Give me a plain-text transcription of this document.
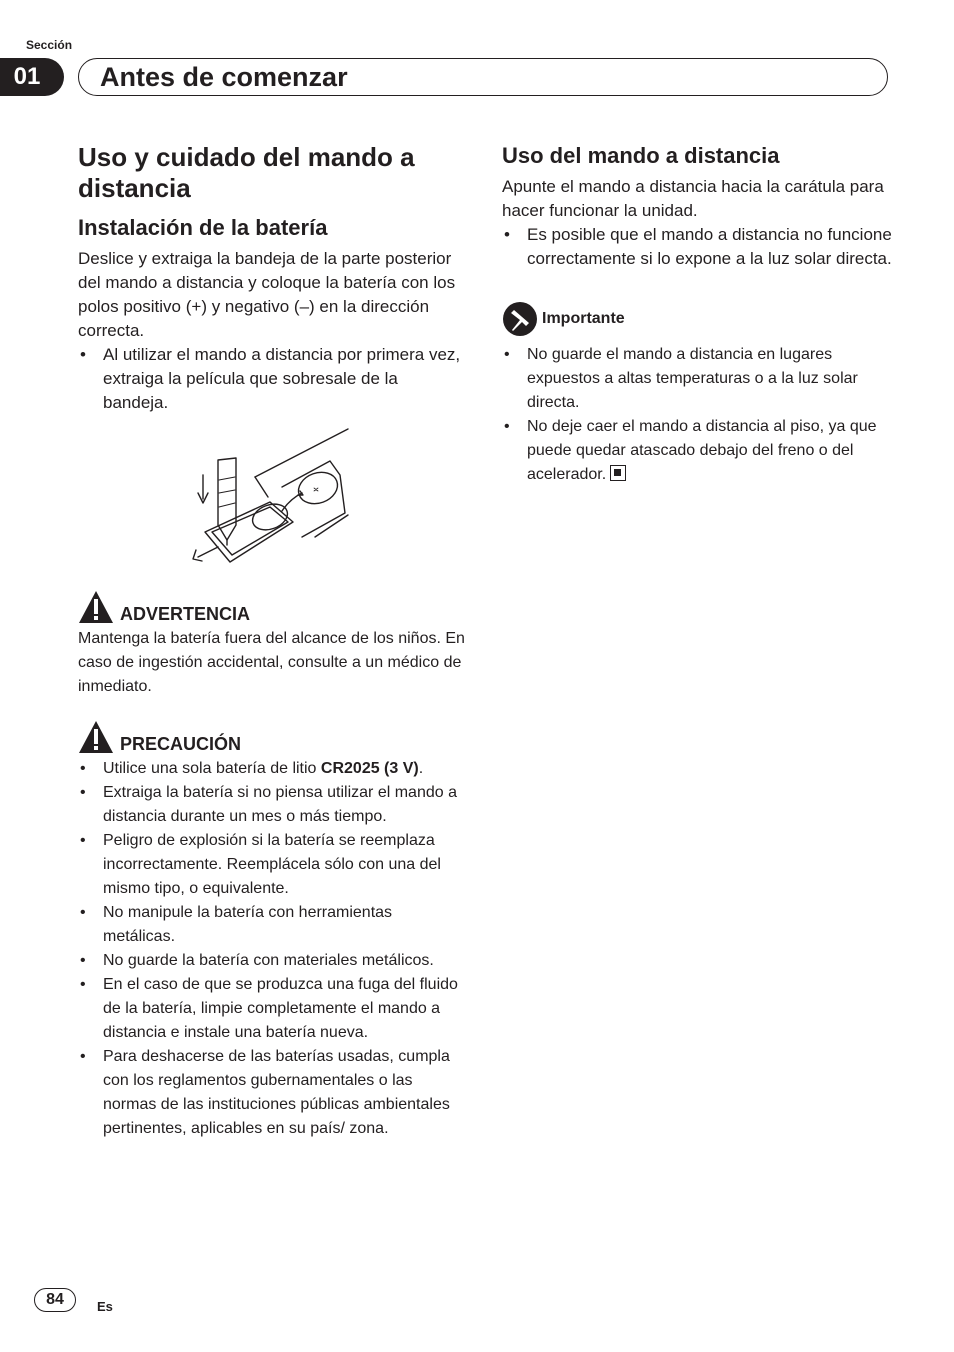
Sección
01	Antes de comenzar
Uso y cuidado del mando a distancia
Instalación de la batería

Deslice y extraiga la bandeja de la parte posterior del mando a distancia y coloque la batería con los polos positivo (+) y negativo (–) en la dirección correcta.

• Al utilizar el mando a distancia por primera vez, extraiga la película que sobresale de la bandeja.
ADVERTENCIA

Mantenga la batería fuera del alcance de los niños. En caso de ingestión accidental, consulte a un médico de inmediato.

PRECAUCIÓN
• Utilice una sola batería de litio CR2025 (3 V).
• Extraiga la batería si no piensa utilizar el mando a distancia durante un mes o más tiempo.
• Peligro de explosión si la batería se reemplaza incorrectamente. Reemplácela sólo con una del mismo tipo, o equivalente.
• No manipule la batería con herramientas metálicas.
• No guarde la batería con materiales metálicos.
• En el caso de que se produzca una fuga del fluido de la batería, limpie completamente el mando a distancia e instale una batería nueva.
• Para deshacerse de las baterías usadas, cumpla con los reglamentos gubernamentales o las normas de las instituciones públicas ambientales pertinentes, aplicables en su país/ zona.
Uso del mando a distancia

Apunte el mando a distancia hacia la carátula para hacer funcionar la unidad.

• Es posible que el mando a distancia no funcione correctamente si lo expone a la luz solar directa.
Importante
• No guarde el mando a distancia en lugares expuestos a altas temperaturas o a la luz solar directa.
• No deje caer el mando a distancia al piso, ya que puede quedar atascado debajo del freno o del acelerador.
84	Es
